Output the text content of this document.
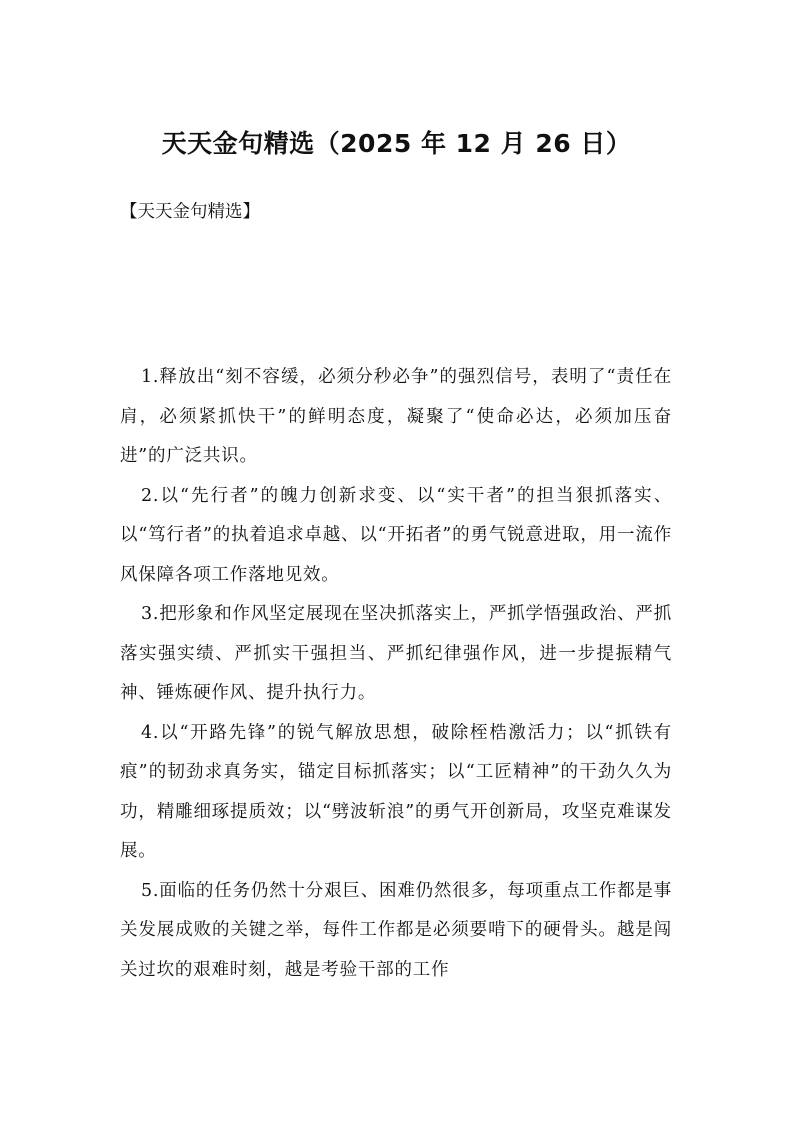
天天金句精选（2025 年 12 月 26 日）
【天天金句精选】

1.释放出“刻不容缓，必须分秒必争”的强烈信号，表明了“责任在肩，必须紧抓快干”的鲜明态度，凝聚了“使命必达，必须加压奋进”的广泛共识。

2.以“先行者”的魄力创新求变、以“实干者”的担当狠抓落实、以“笃行者”的执着追求卓越、以“开拓者”的勇气锐意进取，用一流作风保障各项工作落地见效。

3.把形象和作风坚定展现在坚决抓落实上，严抓学悟强政治、严抓落实强实绩、严抓实干强担当、严抓纪律强作风，进一步提振精气神、锤炼硬作风、提升执行力。

4.以“开路先锋”的锐气解放思想，破除桎梏激活力；以“抓铁有痕”的韧劲求真务实，锚定目标抓落实；以“工匠精神”的干劲久久为功，精雕细琢提质效；以“劈波斩浪”的勇气开创新局，攻坚克难谋发展。

5.面临的任务仍然十分艰巨、困难仍然很多，每项重点工作都是事关发展成败的关键之举，每件工作都是必须要啃下的硬骨头。越是闯关过坎的艰难时刻，越是考验干部的工作
